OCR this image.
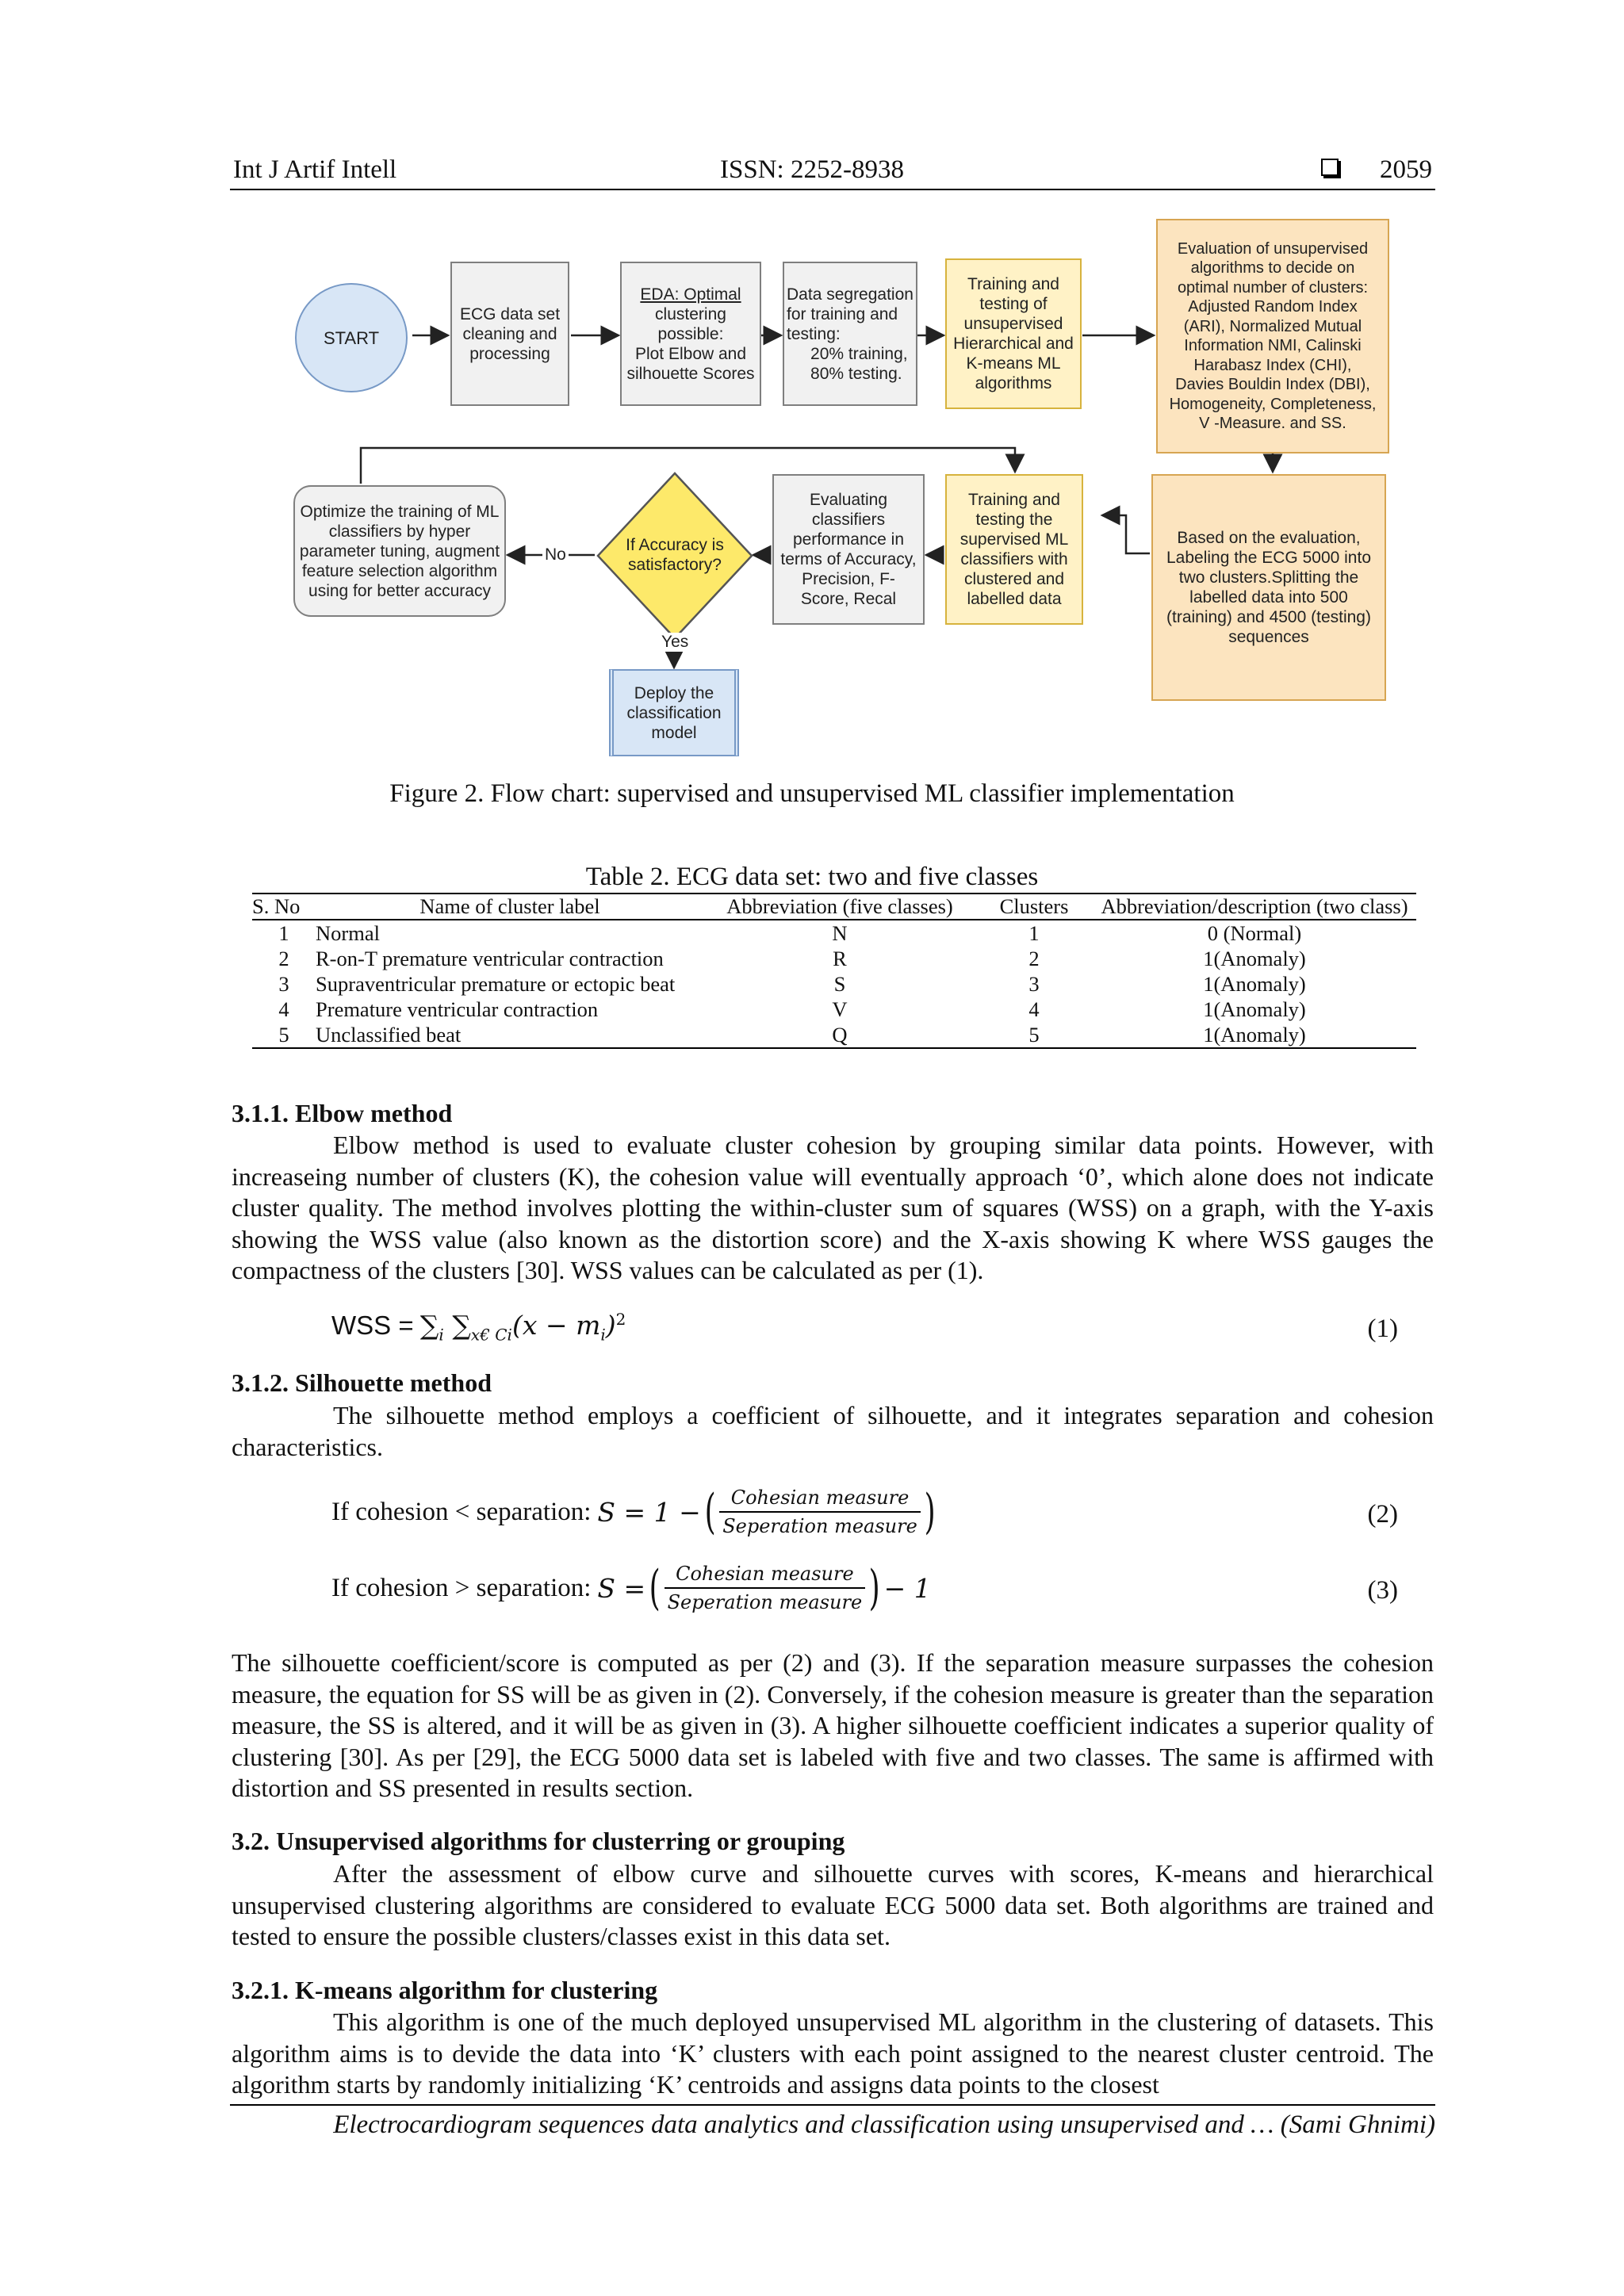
Int J Artif Intell	ISSN: 2252-8938	2059
START
ECG data set
cleaning and
processing
EDA: Optimal
clustering
possible:
Plot Elbow and
silhouette Scores
Data segregation
for training and
testing:
20% training,
80% testing.
Training and
testing of
unsupervised
Hierarchical and
K-means ML
algorithms
Evaluation of unsupervised
algorithms to decide on
optimal number of clusters:
Adjusted Random Index
(ARI), Normalized Mutual
Information NMI, Calinski
Harabasz Index (CHI),
Davies Bouldin Index (DBI),
Homogeneity, Completeness,
V -Measure. and SS.
Based on the evaluation,
Labeling the ECG 5000 into
two clusters.Splitting the
labelled data into 500
(training) and 4500 (testing)
sequences
Training and
testing the
supervised ML
classifiers with
clustered and
labelled data
Evaluating
classifiers
performance in
terms of Accuracy,
Precision, F-
Score, Recal
If Accuracy is
satisfactory?
Optimize the training of ML
classifiers by hyper
parameter tuning, augment
feature selection algorithm
using for better accuracy
Deploy the
classification
model
No
Yes
Figure 2. Flow chart: supervised and unsupervised ML classifier implementation
Table 2. ECG data set: two and five classes
S. No	Name of cluster label	Abbreviation (five classes)	Clusters	Abbreviation/description (two class)
1	Normal	N	1	0 (Normal)
2	R-on-T premature ventricular contraction	R	2	1(Anomaly)
3	Supraventricular premature or ectopic beat	S	3	1(Anomaly)
4	Premature ventricular contraction	V	4	1(Anomaly)
5	Unclassified beat	Q	5	1(Anomaly)
3.1.1. Elbow method
Elbow method is used to evaluate cluster cohesion by grouping similar data points. However, with increaseing number of clusters (K), the cohesion value will eventually approach ‘0’, which alone does not indicate cluster quality. The method involves plotting the within-cluster sum of squares (WSS) on a graph, with the Y-axis showing the WSS value (also known as the distortion score) and the X-axis showing K where WSS gauges the compactness of the clusters [30]. WSS values can be calculated as per (1).
WSS = $\sum_i$ $\sum_{x€ Ci}(x - m_i)^2$	(1)
3.1.2. Silhouette method
The silhouette method employs a coefficient of silhouette, and it integrates separation and cohesion characteristics.
If cohesion < separation: S = 1 − ( $\frac{\text{Cohesian measure}}{\text{Seperation measure}}$ )	(2)
If cohesion > separation: S = ( $\frac{\text{Cohesian measure}}{\text{Seperation measure}}$ ) − 1	(3)
The silhouette coefficient/score is computed as per (2) and (3). If the separation measure surpasses the cohesion measure, the equation for SS will be as given in (2). Conversely, if the cohesion measure is greater than the separation measure, the SS is altered, and it will be as given in (3). A higher silhouette coefficient indicates a superior quality of clustering [30]. As per [29], the ECG 5000 data set is labeled with five and two classes. The same is affirmed with distortion and SS presented in results section.
3.2. Unsupervised algorithms for clusterring or grouping
After the assessment of elbow curve and silhouette curves with scores, K-means and hierarchical unsupervised clustering algorithms are considered to evaluate ECG 5000 data set. Both algorithms are trained and tested to ensure the possible clusters/classes exist in this data set.
3.2.1. K-means algorithm for clustering
This algorithm is one of the much deployed unsupervised ML algorithm in the clustering of datasets. This algorithm aims is to devide the data into ‘K’ clusters with each point assigned to the nearest cluster centroid. The algorithm starts by randomly initializing ‘K’ centroids and assigns data points to the closest
Electrocardiogram sequences data analytics and classification using unsupervised and … (Sami Ghnimi)
